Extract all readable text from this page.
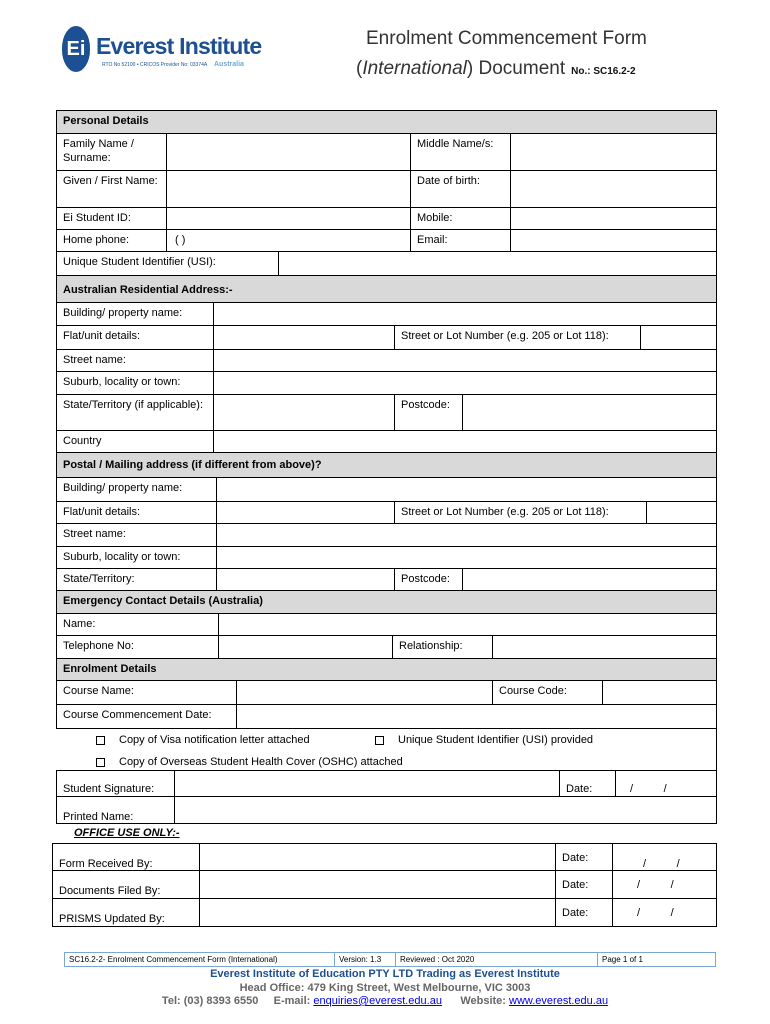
Ei Everest Institute
RTO No 52100 • CRICOS Provider No: 03374A Australia
Enrolment Commencement Form
(International) Document No.: SC16.2-2
Personal Details
Family Name / Surname:
Middle Name/s:
Given / First Name:	Date of birth:
Ei Student ID:	Mobile:
Home phone:	( )	Email:
Unique Student Identifier (USI):
Australian Residential Address:-
Building/ property name:
Flat/unit details:	Street or Lot Number (e.g. 205 or Lot 118):
Street name:
Suburb, locality or town:
State/Territory (if applicable):	Postcode:
Country
Postal / Mailing address (if different from above)?
Building/ property name:
Flat/unit details:	Street or Lot Number (e.g. 205 or Lot 118):
Street name:
Suburb, locality or town:
State/Territory:	Postcode:
Emergency Contact Details (Australia)
Name:
Telephone No:	Relationship:
Enrolment Details
Course Name:	Course Code:
Course Commencement Date:
Copy of Visa notification letter attached	Unique Student Identifier (USI) provided
Copy of Overseas Student Health Cover (OSHC) attached
Student Signature:	Date:	/          /
Printed Name:
OFFICE USE ONLY:-
Form Received By:	Date:	/          /
Documents Filed By:	Date:	/          /
PRISMS Updated By:	Date:	/          /
SC16.2-2- Enrolment Commencement Form (International)	Version: 1.3	Reviewed : Oct 2020	Page 1 of 1
Everest Institute of Education PTY LTD Trading as Everest Institute
Head Office: 479 King Street, West Melbourne, VIC 3003
Tel: (03) 8393 6550 E-mail: enquiries@everest.edu.au Website: www.everest.edu.au
